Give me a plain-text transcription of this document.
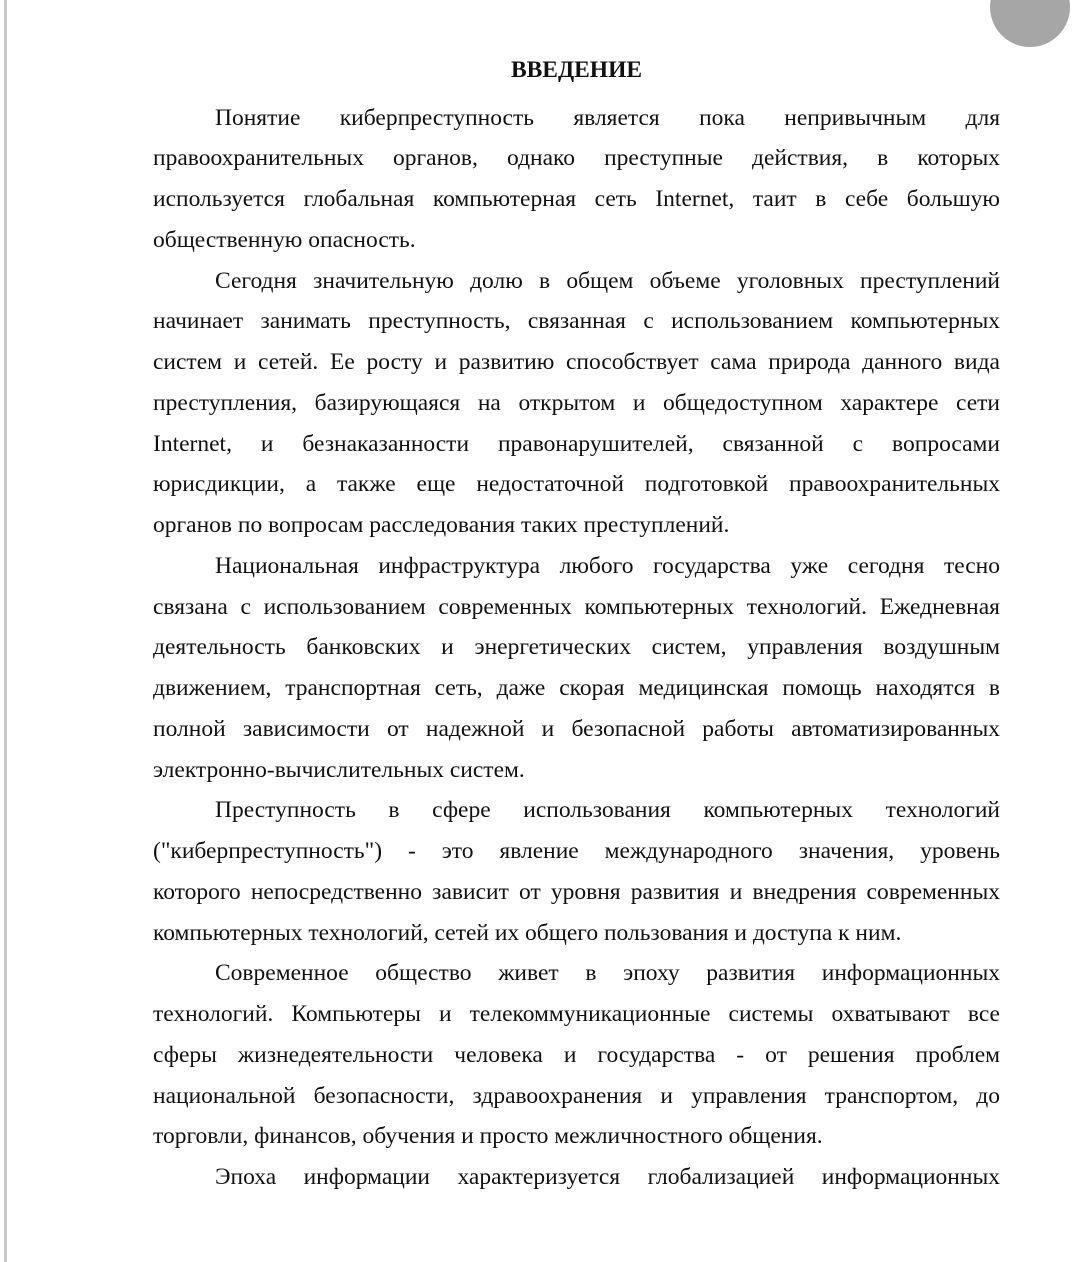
ВВЕДЕНИЕ
Понятие киберпреступность является пока непривычным для
правоохранительных органов, однако преступные действия, в которых
используется глобальная компьютерная сеть Internet, таит в себе большую
общественную опасность.
Сегодня значительную долю в общем объеме уголовных преступлений
начинает занимать преступность, связанная с использованием компьютерных
систем и сетей. Ее росту и развитию способствует сама природа данного вида
преступления, базирующаяся на открытом и общедоступном характере сети
Internet, и безнаказанности правонарушителей, связанной с вопросами
юрисдикции, а также еще недостаточной подготовкой правоохранительных
органов по вопросам расследования таких преступлений.
Национальная инфраструктура любого государства уже сегодня тесно
связана с использованием современных компьютерных технологий. Ежедневная
деятельность банковских и энергетических систем, управления воздушным
движением, транспортная сеть, даже скорая медицинская помощь находятся в
полной зависимости от надежной и безопасной работы автоматизированных
электронно-вычислительных систем.
Преступность в сфере использования компьютерных технологий
("киберпреступность") - это явление международного значения, уровень
которого непосредственно зависит от уровня развития и внедрения современных
компьютерных технологий, сетей их общего пользования и доступа к ним.
Современное общество живет в эпоху развития информационных
технологий. Компьютеры и телекоммуникационные системы охватывают все
сферы жизнедеятельности человека и государства - от решения проблем
национальной безопасности, здравоохранения и управления транспортом, до
торговли, финансов, обучения и просто межличностного общения.
Эпоха информации характеризуется глобализацией информационных
